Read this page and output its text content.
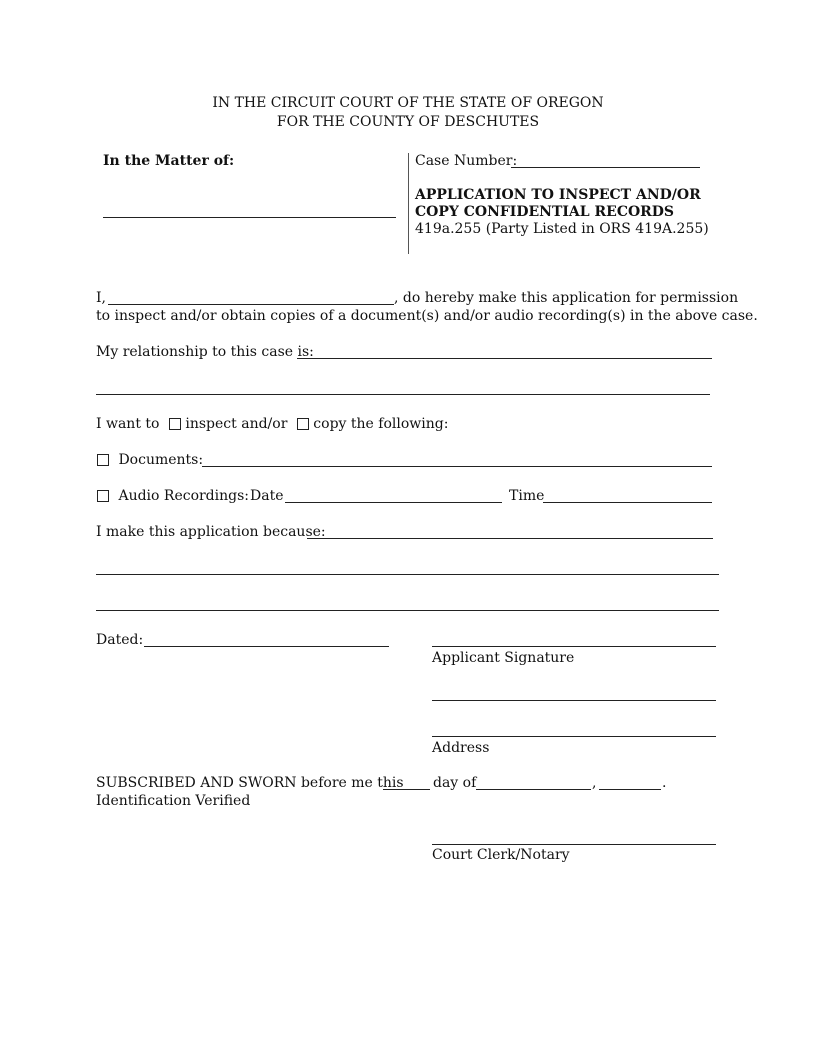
IN THE CIRCUIT COURT OF THE STATE OF OREGON
FOR THE COUNTY OF DESCHUTES
In the Matter of:	Case Number:
APPLICATION TO INSPECT AND/OR
COPY CONFIDENTIAL RECORDS
419a.255 (Party Listed in ORS 419A.255)
I,	, do hereby make this application for permission
to inspect and/or obtain copies of a document(s) and/or audio recording(s) in the above case.
My relationship to this case is:
I want to inspect and/or copy the following:
Documents:
Audio Recordings: Date	Time
I make this application because:
Dated:
Applicant Signature
Address
SUBSCRIBED AND SWORN before me this day of	,	.
Identification Verified
Court Clerk/Notary
